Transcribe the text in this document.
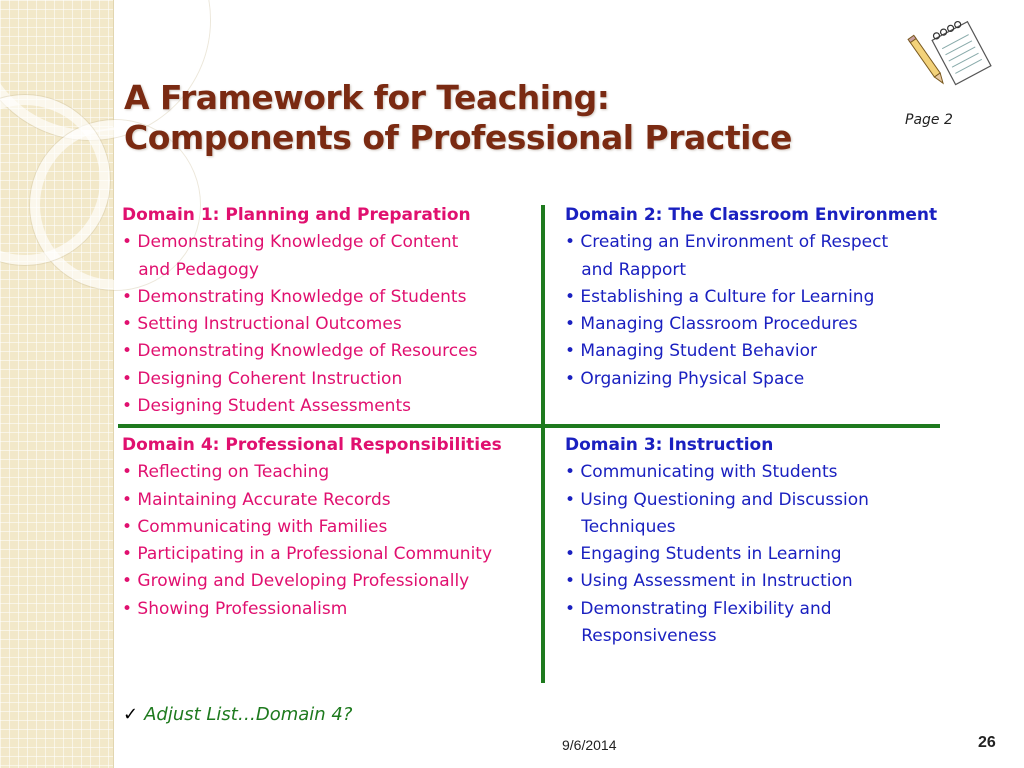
A Framework for Teaching:
Components of Professional Practice	Page 2
Domain 1: Planning and Preparation
• Demonstrating Knowledge of Content
and Pedagogy
• Demonstrating Knowledge of Students
• Setting Instructional Outcomes
• Demonstrating Knowledge of Resources
• Designing Coherent Instruction
• Designing Student Assessments
Domain 2: The Classroom Environment
• Creating an Environment of Respect
and Rapport
• Establishing a Culture for Learning
• Managing Classroom Procedures
• Managing Student Behavior
• Organizing Physical Space
Domain 4: Professional Responsibilities
• Reflecting on Teaching
• Maintaining Accurate Records
• Communicating with Families
• Participating in a Professional Community
• Growing and Developing Professionally
• Showing Professionalism
Domain 3: Instruction
• Communicating with Students
• Using Questioning and Discussion
Techniques
• Engaging Students in Learning
• Using Assessment in Instruction
• Demonstrating Flexibility and
Responsiveness
✓ Adjust List…Domain 4?
9/6/2014	26
